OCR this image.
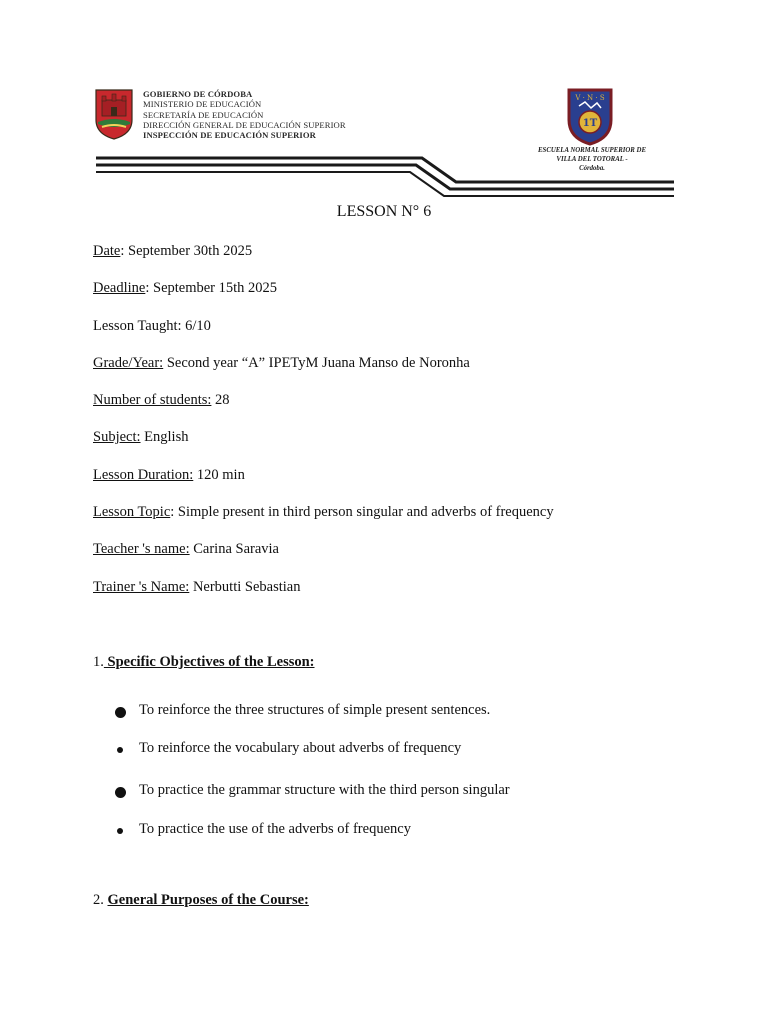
GOBIERNO DE CÓRDOBA
MINISTERIO DE EDUCACIÓN
SECRETARÍA DE EDUCACIÓN
DIRECCIÓN GENERAL DE EDUCACIÓN SUPERIOR
INSPECCIÓN DE EDUCACIÓN SUPERIOR
V · N · S
1T
ESCUELA NORMAL SUPERIOR DE
VILLA DEL TOTORAL -
Córdoba.
LESSON N° 6
Date: September 30th 2025
Deadline: September 15th 2025
Lesson Taught: 6/10
Grade/Year: Second year “A” IPETyM Juana Manso de Noronha
Number of students: 28
Subject: English
Lesson Duration: 120 min
Lesson Topic: Simple present in third person singular and adverbs of frequency
Teacher 's name: Carina Saravia
Trainer 's Name: Nerbutti Sebastian
1. Specific Objectives of the Lesson:
To reinforce the three structures of simple present sentences.
To reinforce the vocabulary about adverbs of frequency
To practice the grammar structure with the third person singular
To practice the use of the adverbs of frequency
2. General Purposes of the Course:
